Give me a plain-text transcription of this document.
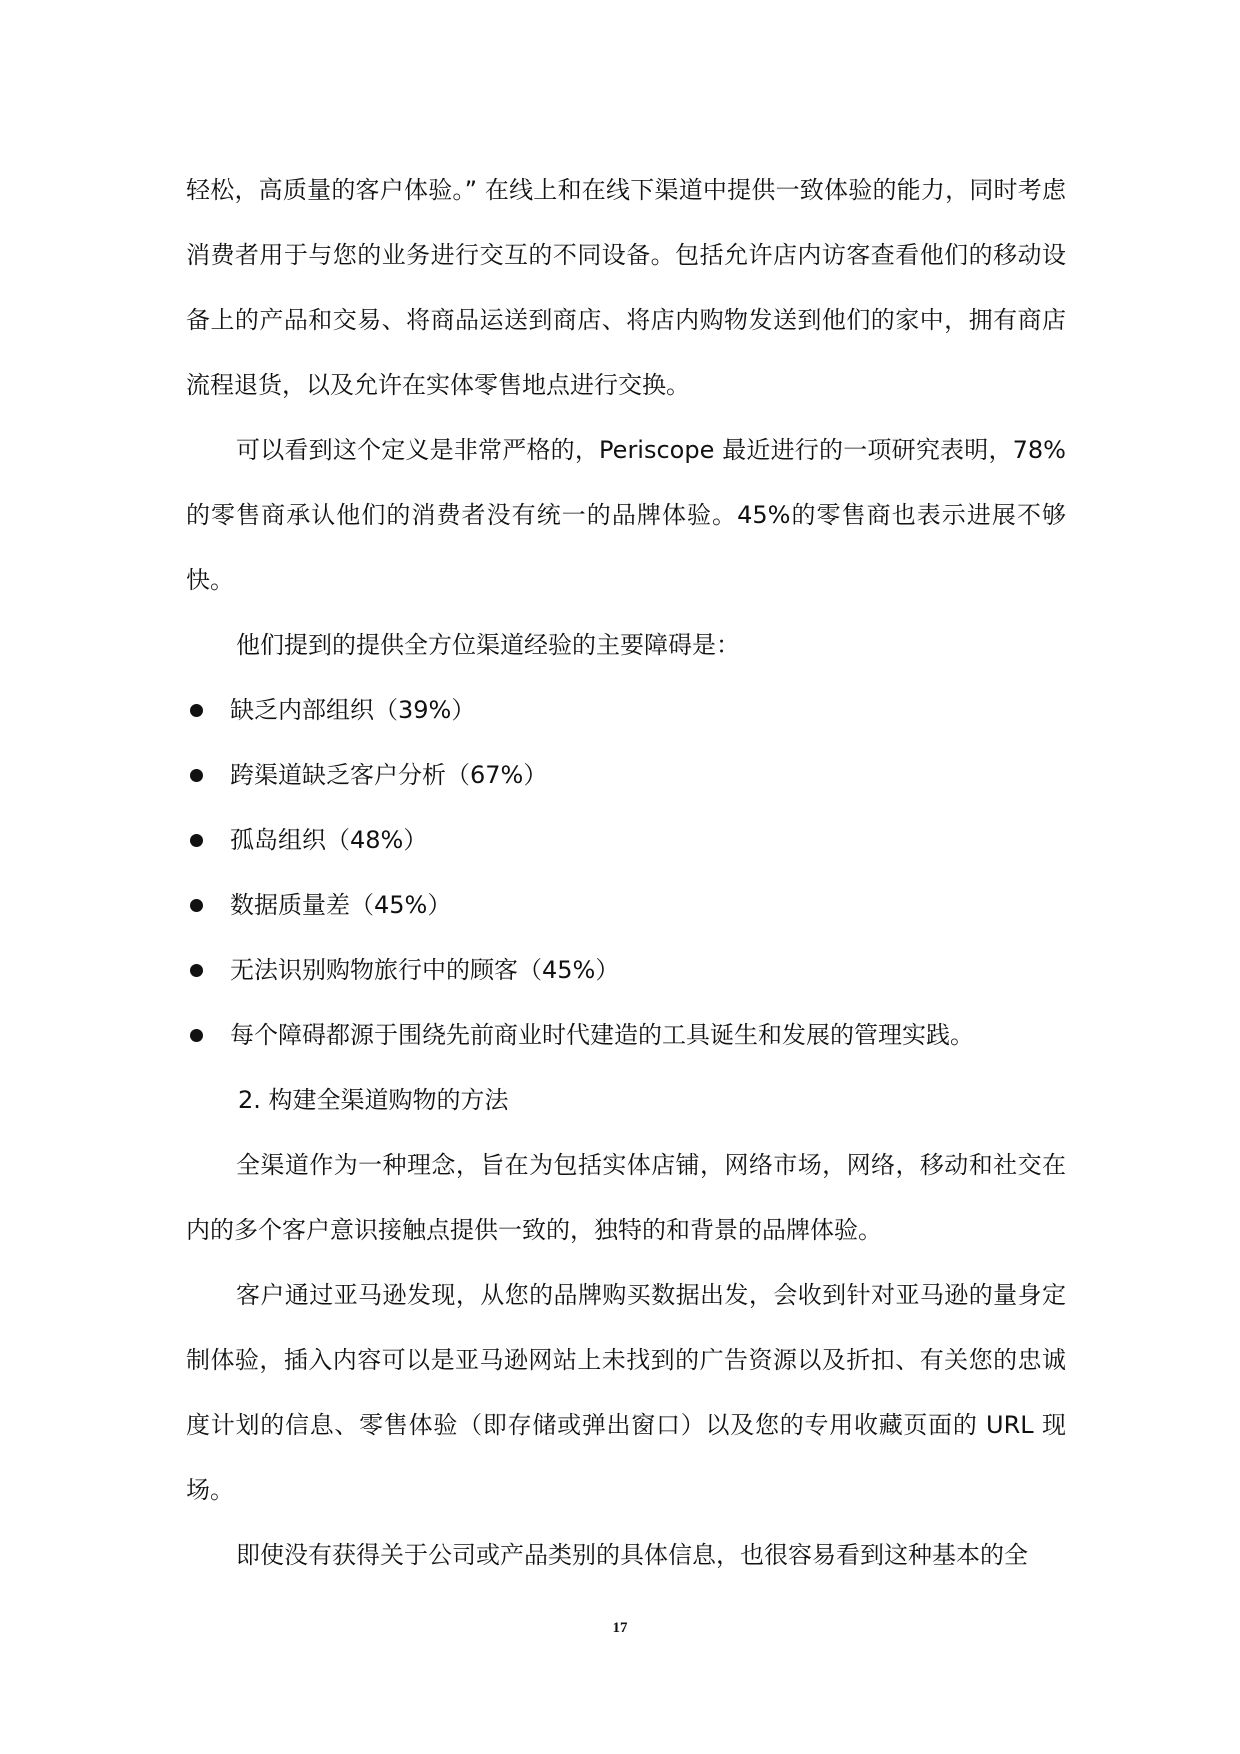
轻松，高质量的客户体验。” 在线上和在线下渠道中提供一致体验的能力，同时考虑消费者用于与您的业务进行交互的不同设备。包括允许店内访客查看他们的移动设备上的产品和交易、将商品运送到商店、将店内购物发送到他们的家中，拥有商店流程退货，以及允许在实体零售地点进行交换。

可以看到这个定义是非常严格的，Periscope 最近进行的一项研究表明，78%的零售商承认他们的消费者没有统一的品牌体验。45%的零售商也表示进展不够快。

他们提到的提供全方位渠道经验的主要障碍是：

缺乏内部组织（39%）
跨渠道缺乏客户分析（67%）
孤岛组织（48%）
数据质量差（45%）
无法识别购物旅行中的顾客（45%）
每个障碍都源于围绕先前商业时代建造的工具诞生和发展的管理实践。

2. 构建全渠道购物的方法

全渠道作为一种理念，旨在为包括实体店铺，网络市场，网络，移动和社交在内的多个客户意识接触点提供一致的，独特的和背景的品牌体验。

客户通过亚马逊发现，从您的品牌购买数据出发，会收到针对亚马逊的量身定制体验，插入内容可以是亚马逊网站上未找到的广告资源以及折扣、有关您的忠诚度计划的信息、零售体验（即存储或弹出窗口）以及您的专用收藏页面的 URL 现场。

即使没有获得关于公司或产品类别的具体信息，也很容易看到这种基本的全

17
